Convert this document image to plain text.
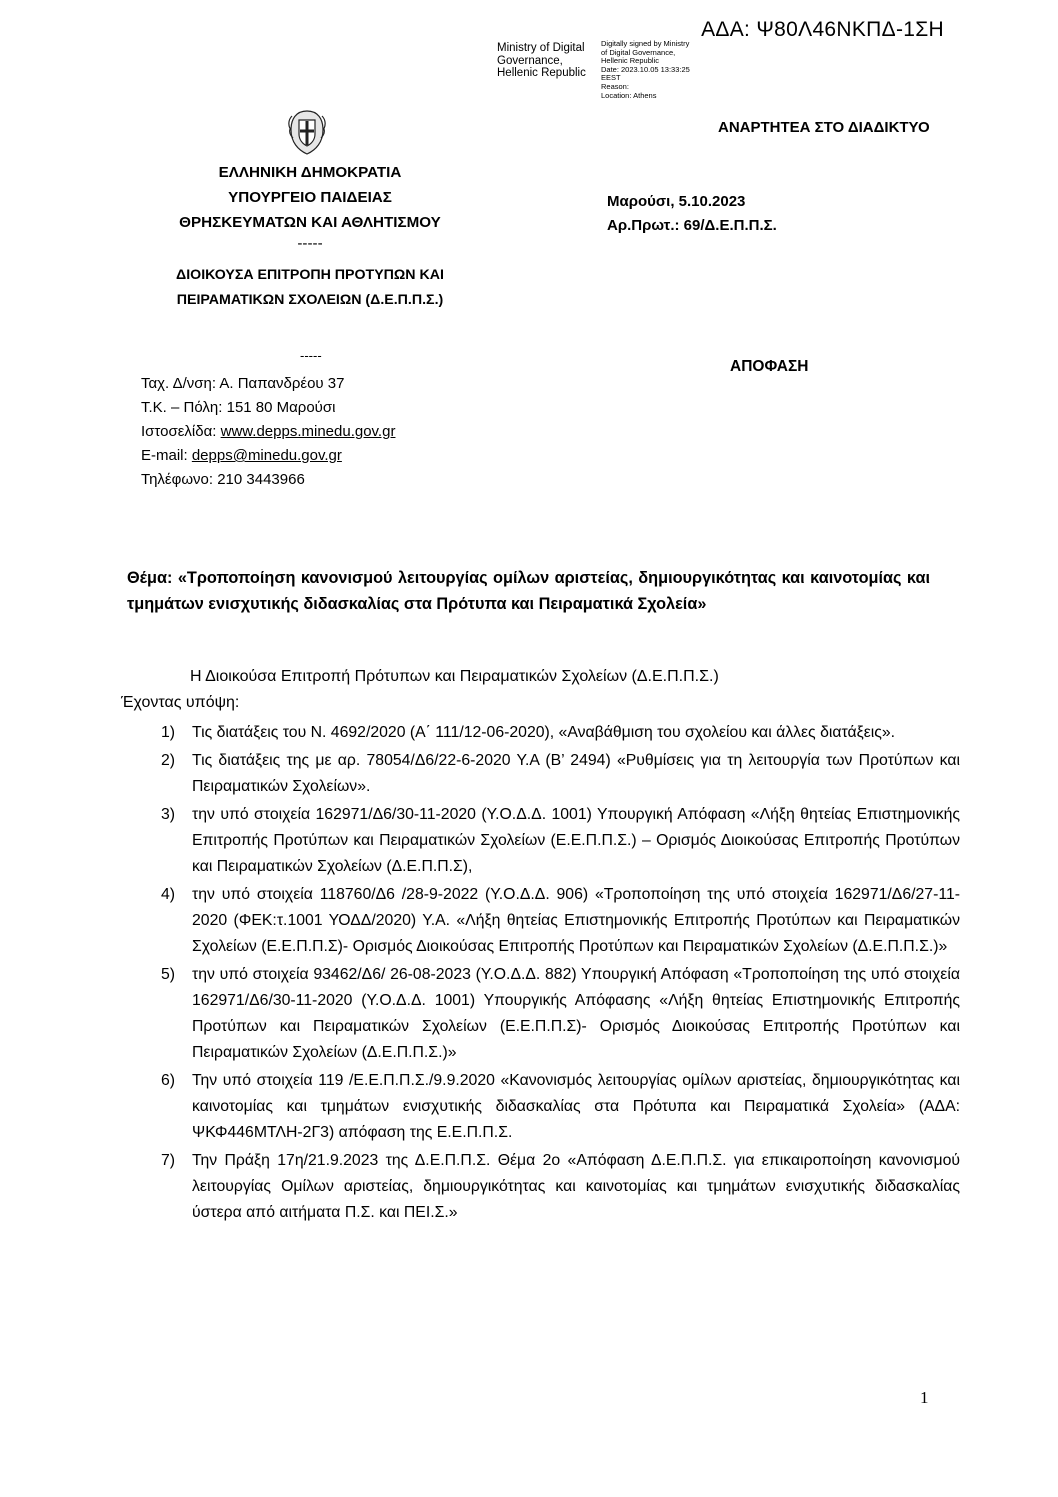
ΑΔΑ: Ψ80Λ46ΝΚΠΔ-1ΣΗ
Ministry of Digital
Governance,
Hellenic Republic
Digitally signed by Ministry
of Digital Governance,
Hellenic Republic
Date: 2023.10.05 13:33:25
EEST
Reason:
Location: Athens
ΑΝΑΡΤΗΤΕΑ ΣΤΟ ΔΙΑΔΙΚΤΥΟ
ΕΛΛΗΝΙΚΗ ΔΗΜΟΚΡΑΤΙΑ
ΥΠΟΥΡΓΕΙΟ ΠΑΙΔΕΙΑΣ
ΘΡΗΣΚΕΥΜΑΤΩΝ ΚΑΙ ΑΘΛΗΤΙΣΜΟΥ
-----
ΔΙΟΙΚΟΥΣΑ ΕΠΙΤΡΟΠΗ ΠΡΟΤΥΠΩΝ ΚΑΙ
ΠΕΙΡΑΜΑΤΙΚΩΝ ΣΧΟΛΕΙΩΝ (Δ.Ε.Π.Π.Σ.)
-----
Ταχ. Δ/νση: Α. Παπανδρέου 37
Τ.Κ. – Πόλη: 151 80 Μαρούσι
Ιστοσελίδα: www.depps.minedu.gov.gr
E-mail: depps@minedu.gov.gr
Τηλέφωνο: 210 3443966
Μαρούσι, 5.10.2023
Αρ.Πρωτ.: 69/Δ.Ε.Π.Π.Σ.
ΑΠΟΦΑΣΗ
Θέμα: «Τροποποίηση κανονισμού λειτουργίας ομίλων αριστείας, δημιουργικότητας και καινοτομίας και τμημάτων ενισχυτικής διδασκαλίας στα Πρότυπα και Πειραματικά Σχολεία»
Η Διοικούσα Επιτροπή Πρότυπων και Πειραματικών Σχολείων (Δ.Ε.Π.Π.Σ.)
Έχοντας υπόψη:
1)	Τις διατάξεις του Ν. 4692/2020 (Α΄ 111/12-06-2020), «Αναβάθμιση του σχολείου και άλλες διατάξεις».
2)	Τις διατάξεις της με αρ. 78054/Δ6/22-6-2020 Υ.Α (Β’ 2494) «Ρυθμίσεις για τη λειτουργία των Προτύπων και Πειραματικών Σχολείων».
3)	την υπό στοιχεία 162971/Δ6/30-11-2020 (Υ.Ο.Δ.Δ. 1001) Υπουργική Απόφαση «Λήξη θητείας Επιστημονικής Επιτροπής Προτύπων και Πειραματικών Σχολείων (Ε.Ε.Π.Π.Σ.) – Ορισμός Διοικούσας Επιτροπής Προτύπων και Πειραματικών Σχολείων (Δ.Ε.Π.Π.Σ),
4)	την υπό στοιχεία 118760/Δ6 /28-9-2022 (Υ.Ο.Δ.Δ. 906) «Τροποποίηση της υπό στοιχεία 162971/Δ6/27-11-2020 (ΦΕΚ:τ.1001 ΥΟΔΔ/2020) Υ.Α. «Λήξη θητείας Επιστημονικής Επιτροπής Προτύπων και Πειραματικών Σχολείων (Ε.Ε.Π.Π.Σ)- Ορισμός Διοικούσας Επιτροπής Προτύπων και Πειραματικών Σχολείων (Δ.Ε.Π.Π.Σ.)»
5)	την υπό στοιχεία 93462/Δ6/ 26-08-2023 (Υ.Ο.Δ.Δ. 882) Υπουργική Απόφαση «Τροποποίηση της υπό στοιχεία 162971/Δ6/30-11-2020 (Υ.Ο.Δ.Δ. 1001) Υπουργικής Απόφασης «Λήξη θητείας Επιστημονικής Επιτροπής Προτύπων και Πειραματικών Σχολείων (Ε.Ε.Π.Π.Σ)- Ορισμός Διοικούσας Επιτροπής Προτύπων και Πειραματικών Σχολείων (Δ.Ε.Π.Π.Σ.)»
6)	Την υπό στοιχεία 119 /Ε.Ε.Π.Π.Σ./9.9.2020 «Κανονισμός λειτουργίας ομίλων αριστείας, δημιουργικότητας και καινοτομίας και τμημάτων ενισχυτικής διδασκαλίας στα Πρότυπα και Πειραματικά Σχολεία» (ΑΔΑ: ΨΚΦ446ΜΤΛΗ-2Γ3) απόφαση της Ε.Ε.Π.Π.Σ.
7)	Την Πράξη 17η/21.9.2023 της Δ.Ε.Π.Π.Σ. Θέμα 2ο «Απόφαση Δ.Ε.Π.Π.Σ. για επικαιροποίηση κανονισμού λειτουργίας Ομίλων αριστείας, δημιουργικότητας και καινοτομίας και τμημάτων ενισχυτικής διδασκαλίας ύστερα από αιτήματα Π.Σ. και ΠΕΙ.Σ.»
1
